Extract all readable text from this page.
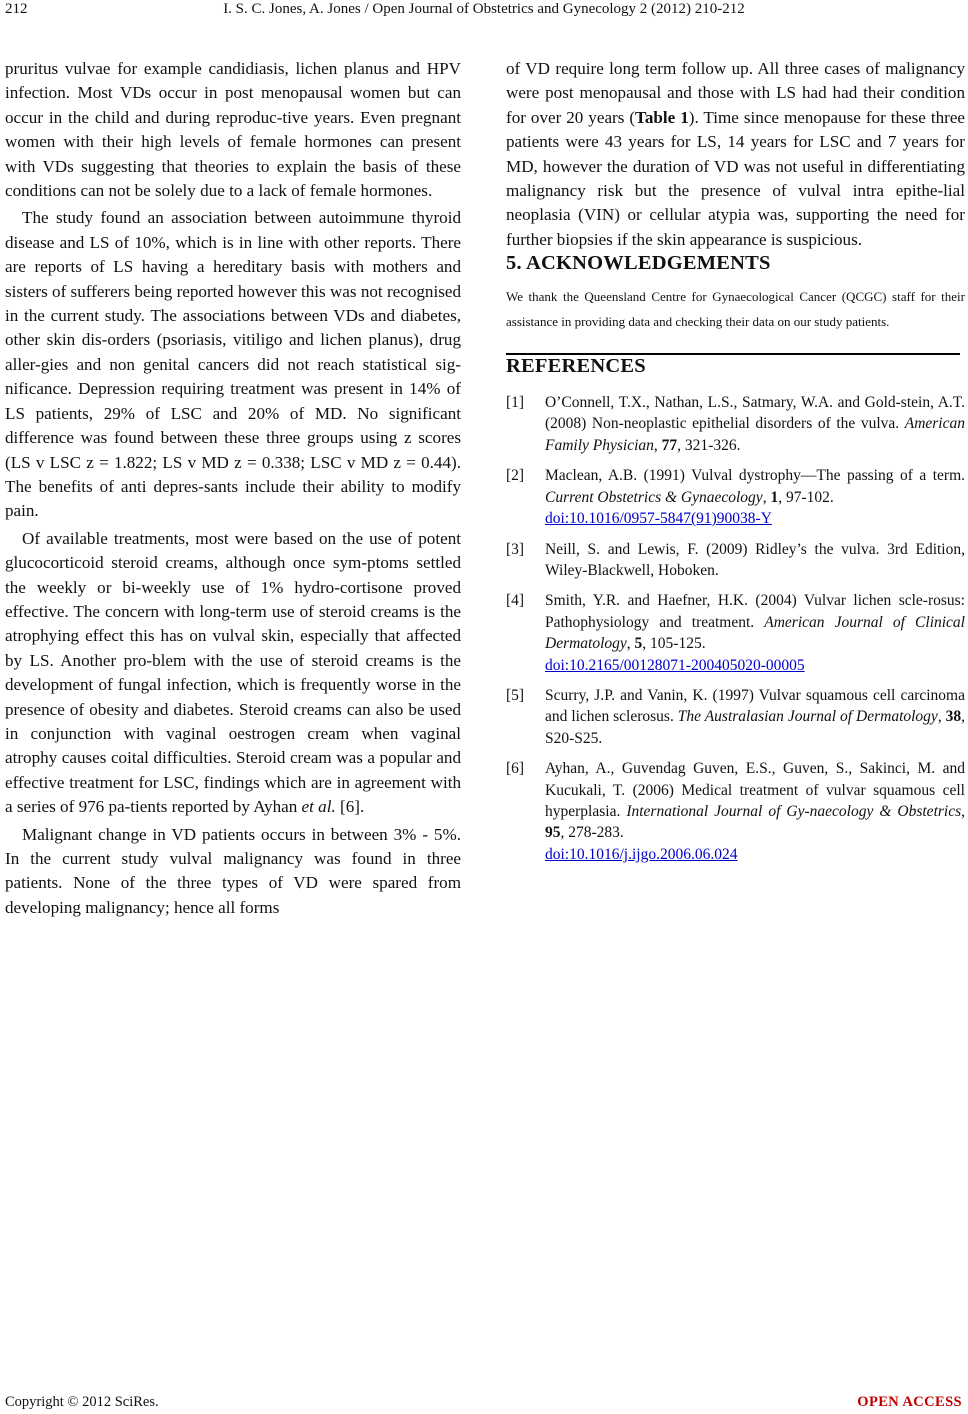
212	I. S. C. Jones, A. Jones / Open Journal of Obstetrics and Gynecology 2 (2012) 210-212

pruritus vulvae for example candidiasis, lichen planus and HPV infection. Most VDs occur in post menopausal women but can occur in the child and during reproduc-tive years. Even pregnant women with their high levels of female hormones can present with VDs suggesting that theories to explain the basis of these conditions can not be solely due to a lack of female hormones.

The study found an association between autoimmune thyroid disease and LS of 10%, which is in line with other reports. There are reports of LS having a hereditary basis with mothers and sisters of sufferers being reported however this was not recognised in the current study. The associations between VDs and diabetes, other skin dis-orders (psoriasis, vitiligo and lichen planus), drug aller-gies and non genital cancers did not reach statistical sig-nificance. Depression requiring treatment was present in 14% of LS patients, 29% of LSC and 20% of MD. No significant difference was found between these three groups using z scores (LS v LSC z = 1.822; LS v MD z = 0.338; LSC v MD z = 0.44). The benefits of anti depres-sants include their ability to modify pain.

Of available treatments, most were based on the use of potent glucocorticoid steroid creams, although once sym-ptoms settled the weekly or bi-weekly use of 1% hydro-cortisone proved effective. The concern with long-term use of steroid creams is the atrophying effect this has on vulval skin, especially that affected by LS. Another pro-blem with the use of steroid creams is the development of fungal infection, which is frequently worse in the presence of obesity and diabetes. Steroid creams can also be used in conjunction with vaginal oestrogen cream when vaginal atrophy causes coital difficulties. Steroid cream was a popular and effective treatment for LSC, findings which are in agreement with a series of 976 pa-tients reported by Ayhan et al. [6].

Malignant change in VD patients occurs in between 3% - 5%. In the current study vulval malignancy was found in three patients. None of the three types of VD were spared from developing malignancy; hence all forms

of VD require long term follow up. All three cases of malignancy were post menopausal and those with LS had had their condition for over 20 years (Table 1). Time since menopause for these three patients were 43 years for LS, 14 years for LSC and 7 years for MD, however the duration of VD was not useful in differentiating malignancy risk but the presence of vulval intra epithe-lial neoplasia (VIN) or cellular atypia was, supporting the need for further biopsies if the skin appearance is suspicious.

5. ACKNOWLEDGEMENTS

We thank the Queensland Centre for Gynaecological Cancer (QCGC) staff for their assistance in providing data and checking their data on our study patients.

REFERENCES
[1] O’Connell, T.X., Nathan, L.S., Satmary, W.A. and Gold-stein, A.T. (2008) Non-neoplastic epithelial disorders of the vulva. American Family Physician, 77, 321-326.
[2] Maclean, A.B. (1991) Vulval dystrophy—The passing of a term. Current Obstetrics & Gynaecology, 1, 97-102.
doi:10.1016/0957-5847(91)90038-Y
[3] Neill, S. and Lewis, F. (2009) Ridley’s the vulva. 3rd Edition, Wiley-Blackwell, Hoboken.
[4] Smith, Y.R. and Haefner, H.K. (2004) Vulvar lichen scle-rosus: Pathophysiology and treatment. American Journal of Clinical Dermatology, 5, 105-125.
doi:10.2165/00128071-200405020-00005
[5] Scurry, J.P. and Vanin, K. (1997) Vulvar squamous cell carcinoma and lichen sclerosus. The Australasian Journal of Dermatology, 38, S20-S25.
[6] Ayhan, A., Guvendag Guven, E.S., Guven, S., Sakinci, M. and Kucukali, T. (2006) Medical treatment of vulvar squamous cell hyperplasia. International Journal of Gy-naecology & Obstetrics, 95, 278-283.
doi:10.1016/j.ijgo.2006.06.024
Copyright © 2012 SciRes.	OPEN ACCESS
